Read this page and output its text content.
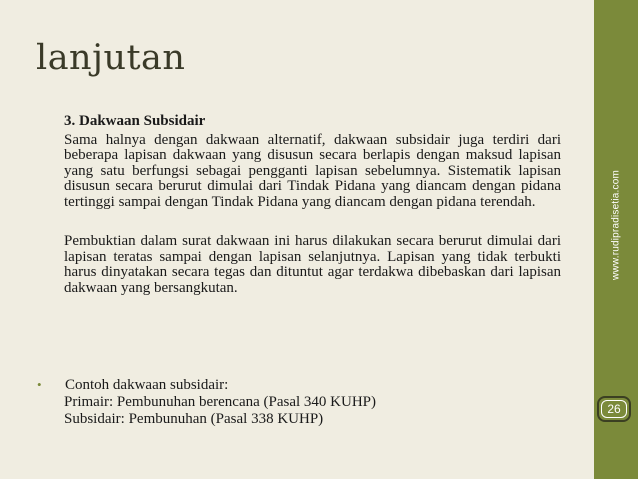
www.rudipradisetia.com
26
lanjutan

3. Dakwaan Subsidair

Sama halnya dengan dakwaan alternatif, dakwaan subsidair juga terdiri dari beberapa lapisan dakwaan yang disusun secara berlapis dengan maksud lapisan yang satu berfungsi sebagai pengganti lapisan sebelumnya. Sistematik lapisan disusun secara berurut dimulai dari Tindak Pidana yang diancam dengan pidana tertinggi sampai dengan Tindak Pidana yang diancam dengan pidana terendah.

Pembuktian dalam surat dakwaan ini harus dilakukan secara berurut dimulai dari lapisan teratas sampai dengan lapisan selanjutnya. Lapisan yang tidak terbukti harus dinyatakan secara tegas dan dituntut agar terdakwa dibebaskan dari lapisan dakwaan yang bersangkutan.

•	Contoh dakwaan subsidair:
Primair: Pembunuhan berencana (Pasal 340 KUHP)
Subsidair: Pembunuhan (Pasal 338 KUHP)
